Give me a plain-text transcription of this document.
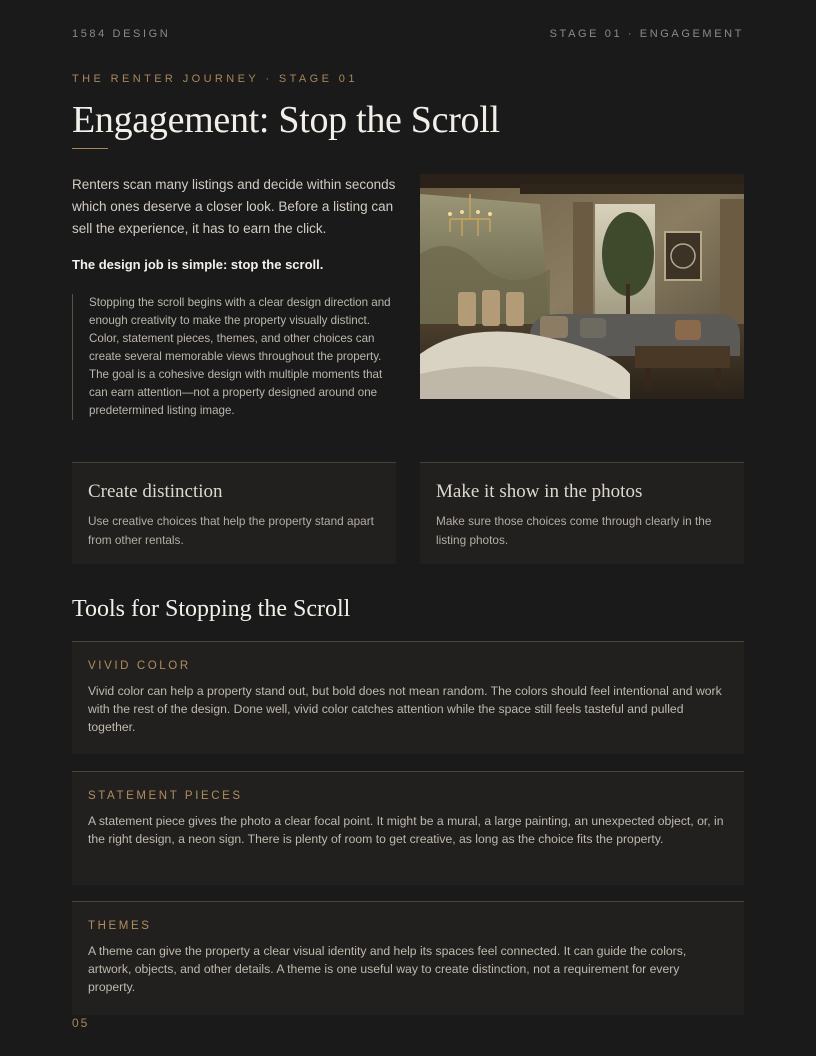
1584 DESIGN	STAGE 01 · ENGAGEMENT
THE RENTER JOURNEY · STAGE 01
Engagement: Stop the Scroll

Renters scan many listings and decide within seconds which ones deserve a closer look. Before a listing can sell the experience, it has to earn the click.

The design job is simple: stop the scroll.

Stopping the scroll begins with a clear design direction and enough creativity to make the property visually distinct. Color, statement pieces, themes, and other choices can create several memorable views throughout the property. The goal is a cohesive design with multiple moments that can earn attention—not a property designed around one predetermined listing image.

Create distinction

Use creative choices that help the property stand apart from other rentals.

Make it show in the photos

Make sure those choices come through clearly in the listing photos.

Tools for Stopping the Scroll
VIVID COLOR

Vivid color can help a property stand out, but bold does not mean random. The colors should feel intentional and work with the rest of the design. Done well, vivid color catches attention while the space still feels tasteful and pulled together.

STATEMENT PIECES

A statement piece gives the photo a clear focal point. It might be a mural, a large painting, an unexpected object, or, in the right design, a neon sign. There is plenty of room to get creative, as long as the choice fits the property.

THEMES

A theme can give the property a clear visual identity and help its spaces feel connected. It can guide the colors, artwork, objects, and other details. A theme is one useful way to create distinction, not a requirement for every property.

05
